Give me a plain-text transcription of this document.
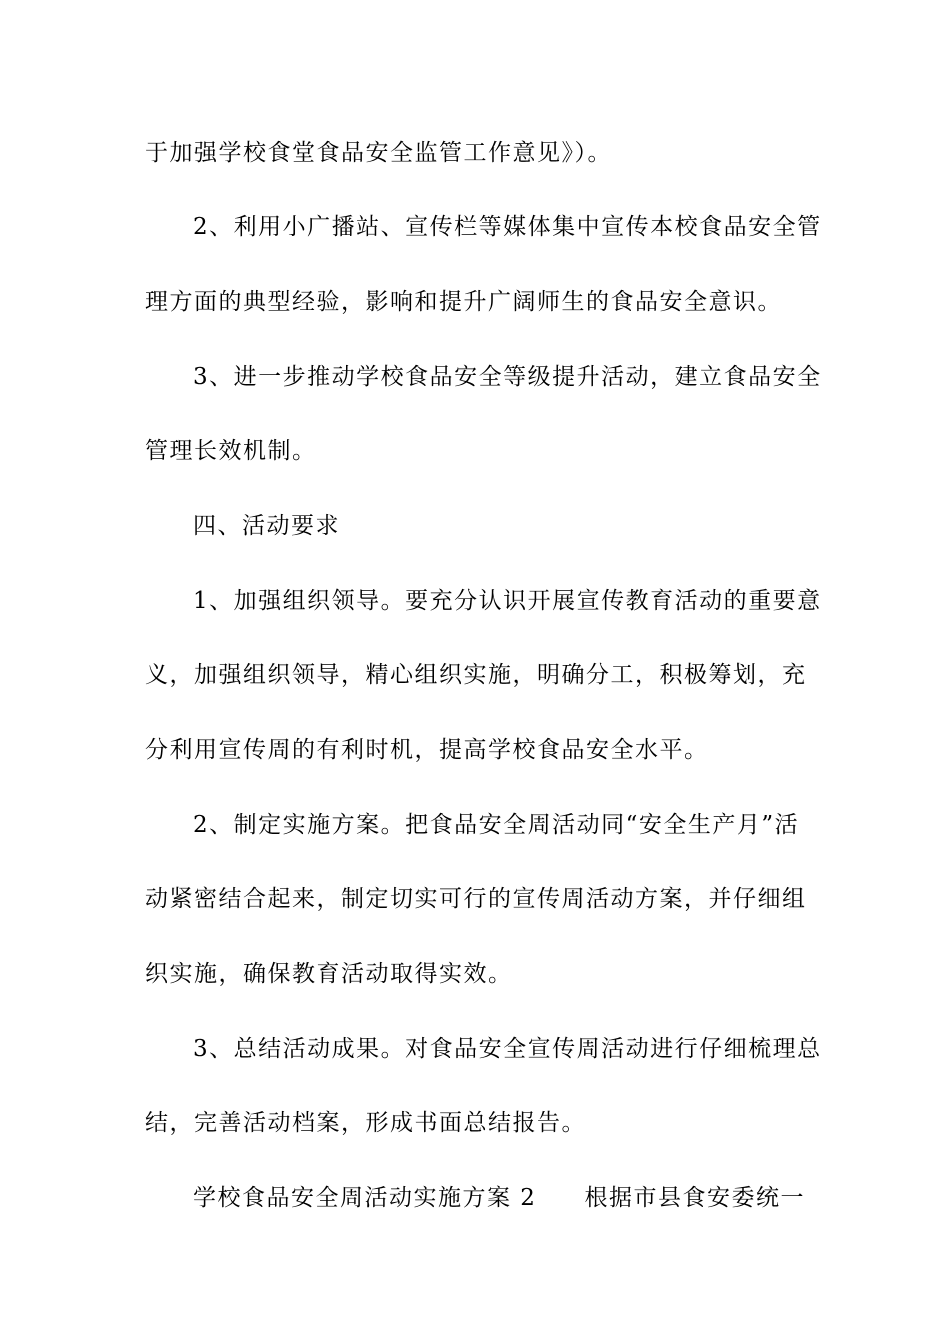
于加强学校食堂食品安全监管工作意见》）。
2、利用小广播站、宣传栏等媒体集中宣传本校食品安全管
理方面的典型经验，影响和提升广阔师生的食品安全意识。
3、进一步推动学校食品安全等级提升活动，建立食品安全
管理长效机制。
四、活动要求
1、加强组织领导。要充分认识开展宣传教育活动的重要意
义，加强组织领导，精心组织实施，明确分工，积极筹划，充
分利用宣传周的有利时机，提高学校食品安全水平。
2、制定实施方案。把食品安全周活动同“安全生产月”活
动紧密结合起来，制定切实可行的宣传周活动方案，并仔细组
织实施，确保教育活动取得实效。
3、总结活动成果。对食品安全宣传周活动进行仔细梳理总
结，完善活动档案，形成书面总结报告。
学校食品安全周活动实施方案 2 根据市县食安委统一
